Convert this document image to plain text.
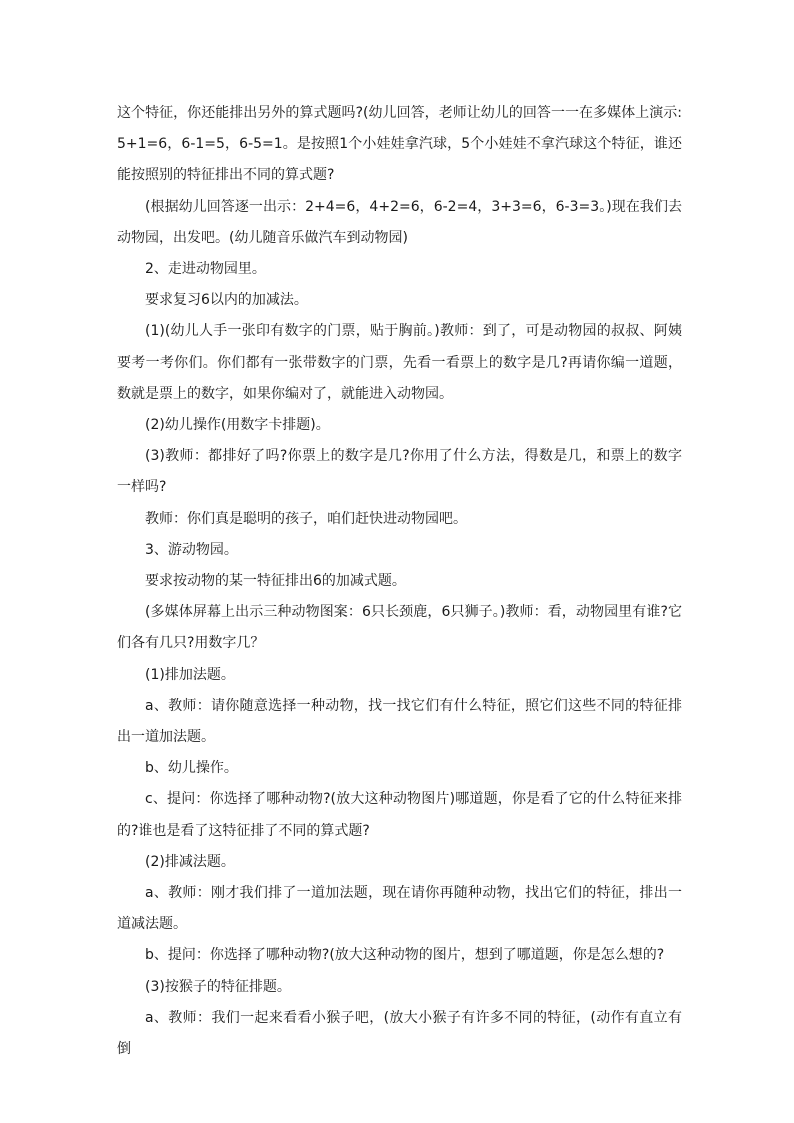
这个特征，你还能排出另外的算式题吗?(幼儿回答，老师让幼儿的回答一一在多媒体上演示:5+1=6，6-1=5，6-5=1。是按照1个小娃娃拿汽球，5个小娃娃不拿汽球这个特征，谁还能按照别的特征排出不同的算式题?

(根据幼儿回答逐一出示：2+4=6，4+2=6，6-2=4，3+3=6，6-3=3。)现在我们去动物园，出发吧。(幼儿随音乐做汽车到动物园)

2、走进动物园里。

要求复习6以内的加减法。

(1)(幼儿人手一张印有数字的门票，贴于胸前。)教师：到了，可是动物园的叔叔、阿姨要考一考你们。你们都有一张带数字的门票，先看一看票上的数字是几?再请你编一道题，数就是票上的数字，如果你编对了，就能进入动物园。

(2)幼儿操作(用数字卡排题)。

(3)教师：都排好了吗?你票上的数字是几?你用了什么方法，得数是几，和票上的数字一样吗?

教师：你们真是聪明的孩子，咱们赶快进动物园吧。

3、游动物园。

要求按动物的某一特征排出6的加减式题。

(多媒体屏幕上出示三种动物图案：6只长颈鹿，6只狮子。)教师：看，动物园里有谁?它们各有几只?用数字几？

(1)排加法题。

a、教师：请你随意选择一种动物，找一找它们有什么特征，照它们这些不同的特征排出一道加法题。

b、幼儿操作。

c、提问：你选择了哪种动物?(放大这种动物图片)哪道题，你是看了它的什么特征来排的?谁也是看了这特征排了不同的算式题?

(2)排减法题。

a、教师：刚才我们排了一道加法题，现在请你再随种动物，找出它们的特征，排出一道减法题。

b、提问：你选择了哪种动物?(放大这种动物的图片，想到了哪道题，你是怎么想的?

(3)按猴子的特征排题。

a、教师：我们一起来看看小猴子吧，(放大小猴子有许多不同的特征，(动作有直立有倒
